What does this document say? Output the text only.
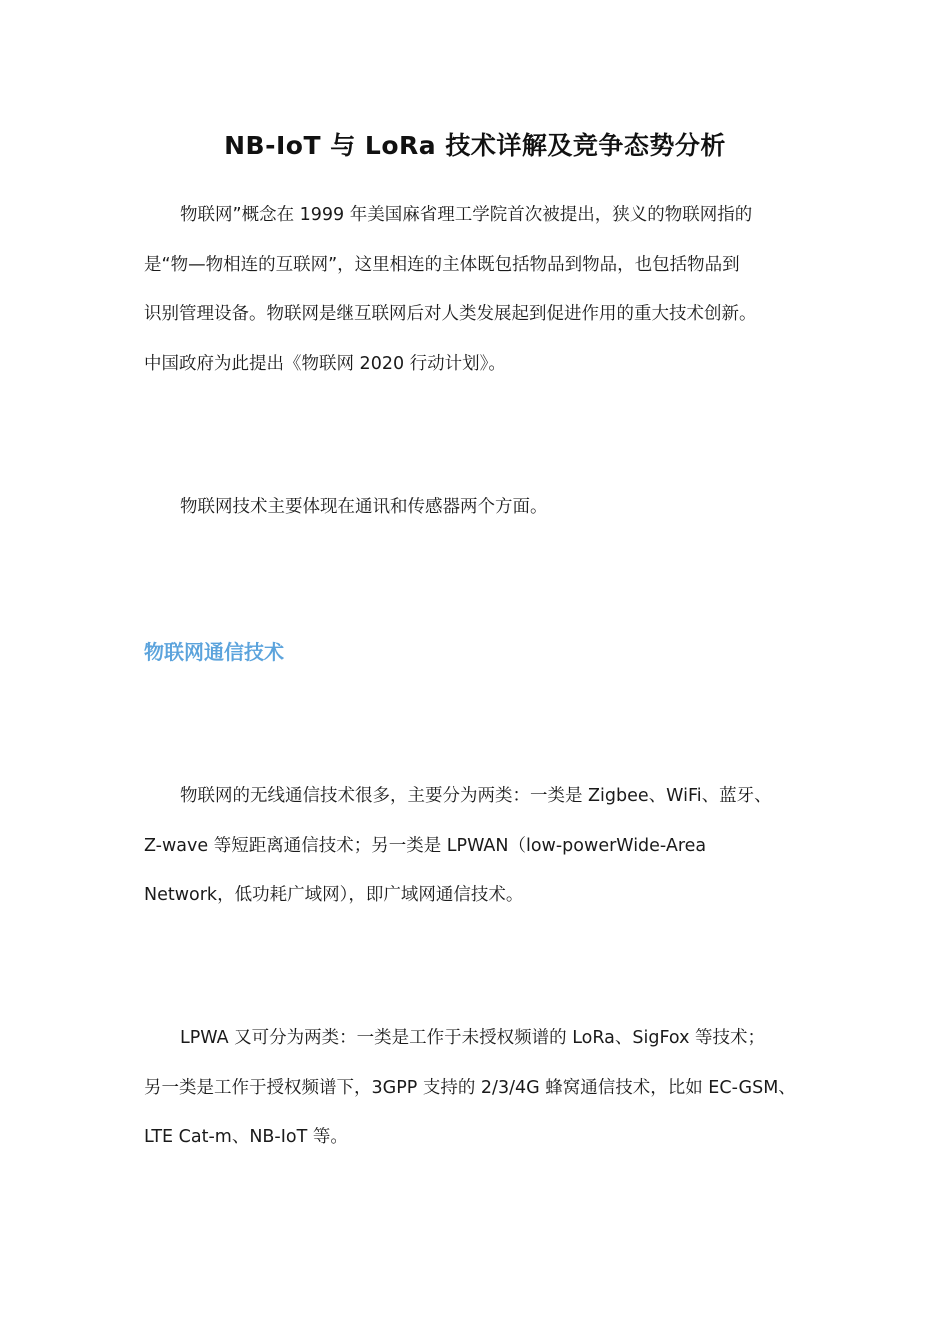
NB-IoT 与 LoRa 技术详解及竞争态势分析

物联网”概念在 1999 年美国麻省理工学院首次被提出，狭义的物联网指的
是“物—物相连的互联网”，这里相连的主体既包括物品到物品，也包括物品到
识别管理设备。物联网是继互联网后对人类发展起到促进作用的重大技术创新。
中国政府为此提出《物联网 2020 行动计划》。

物联网技术主要体现在通讯和传感器两个方面。

物联网通信技术

物联网的无线通信技术很多，主要分为两类：一类是 Zigbee、WiFi、蓝牙、
Z-wave 等短距离通信技术；另一类是 LPWAN（low-powerWide-Area
Network，低功耗广域网），即广域网通信技术。

LPWA 又可分为两类：一类是工作于未授权频谱的 LoRa、SigFox 等技术；
另一类是工作于授权频谱下，3GPP 支持的 2/3/4G 蜂窝通信技术，比如 EC-GSM、
LTE Cat-m、NB-IoT 等。
